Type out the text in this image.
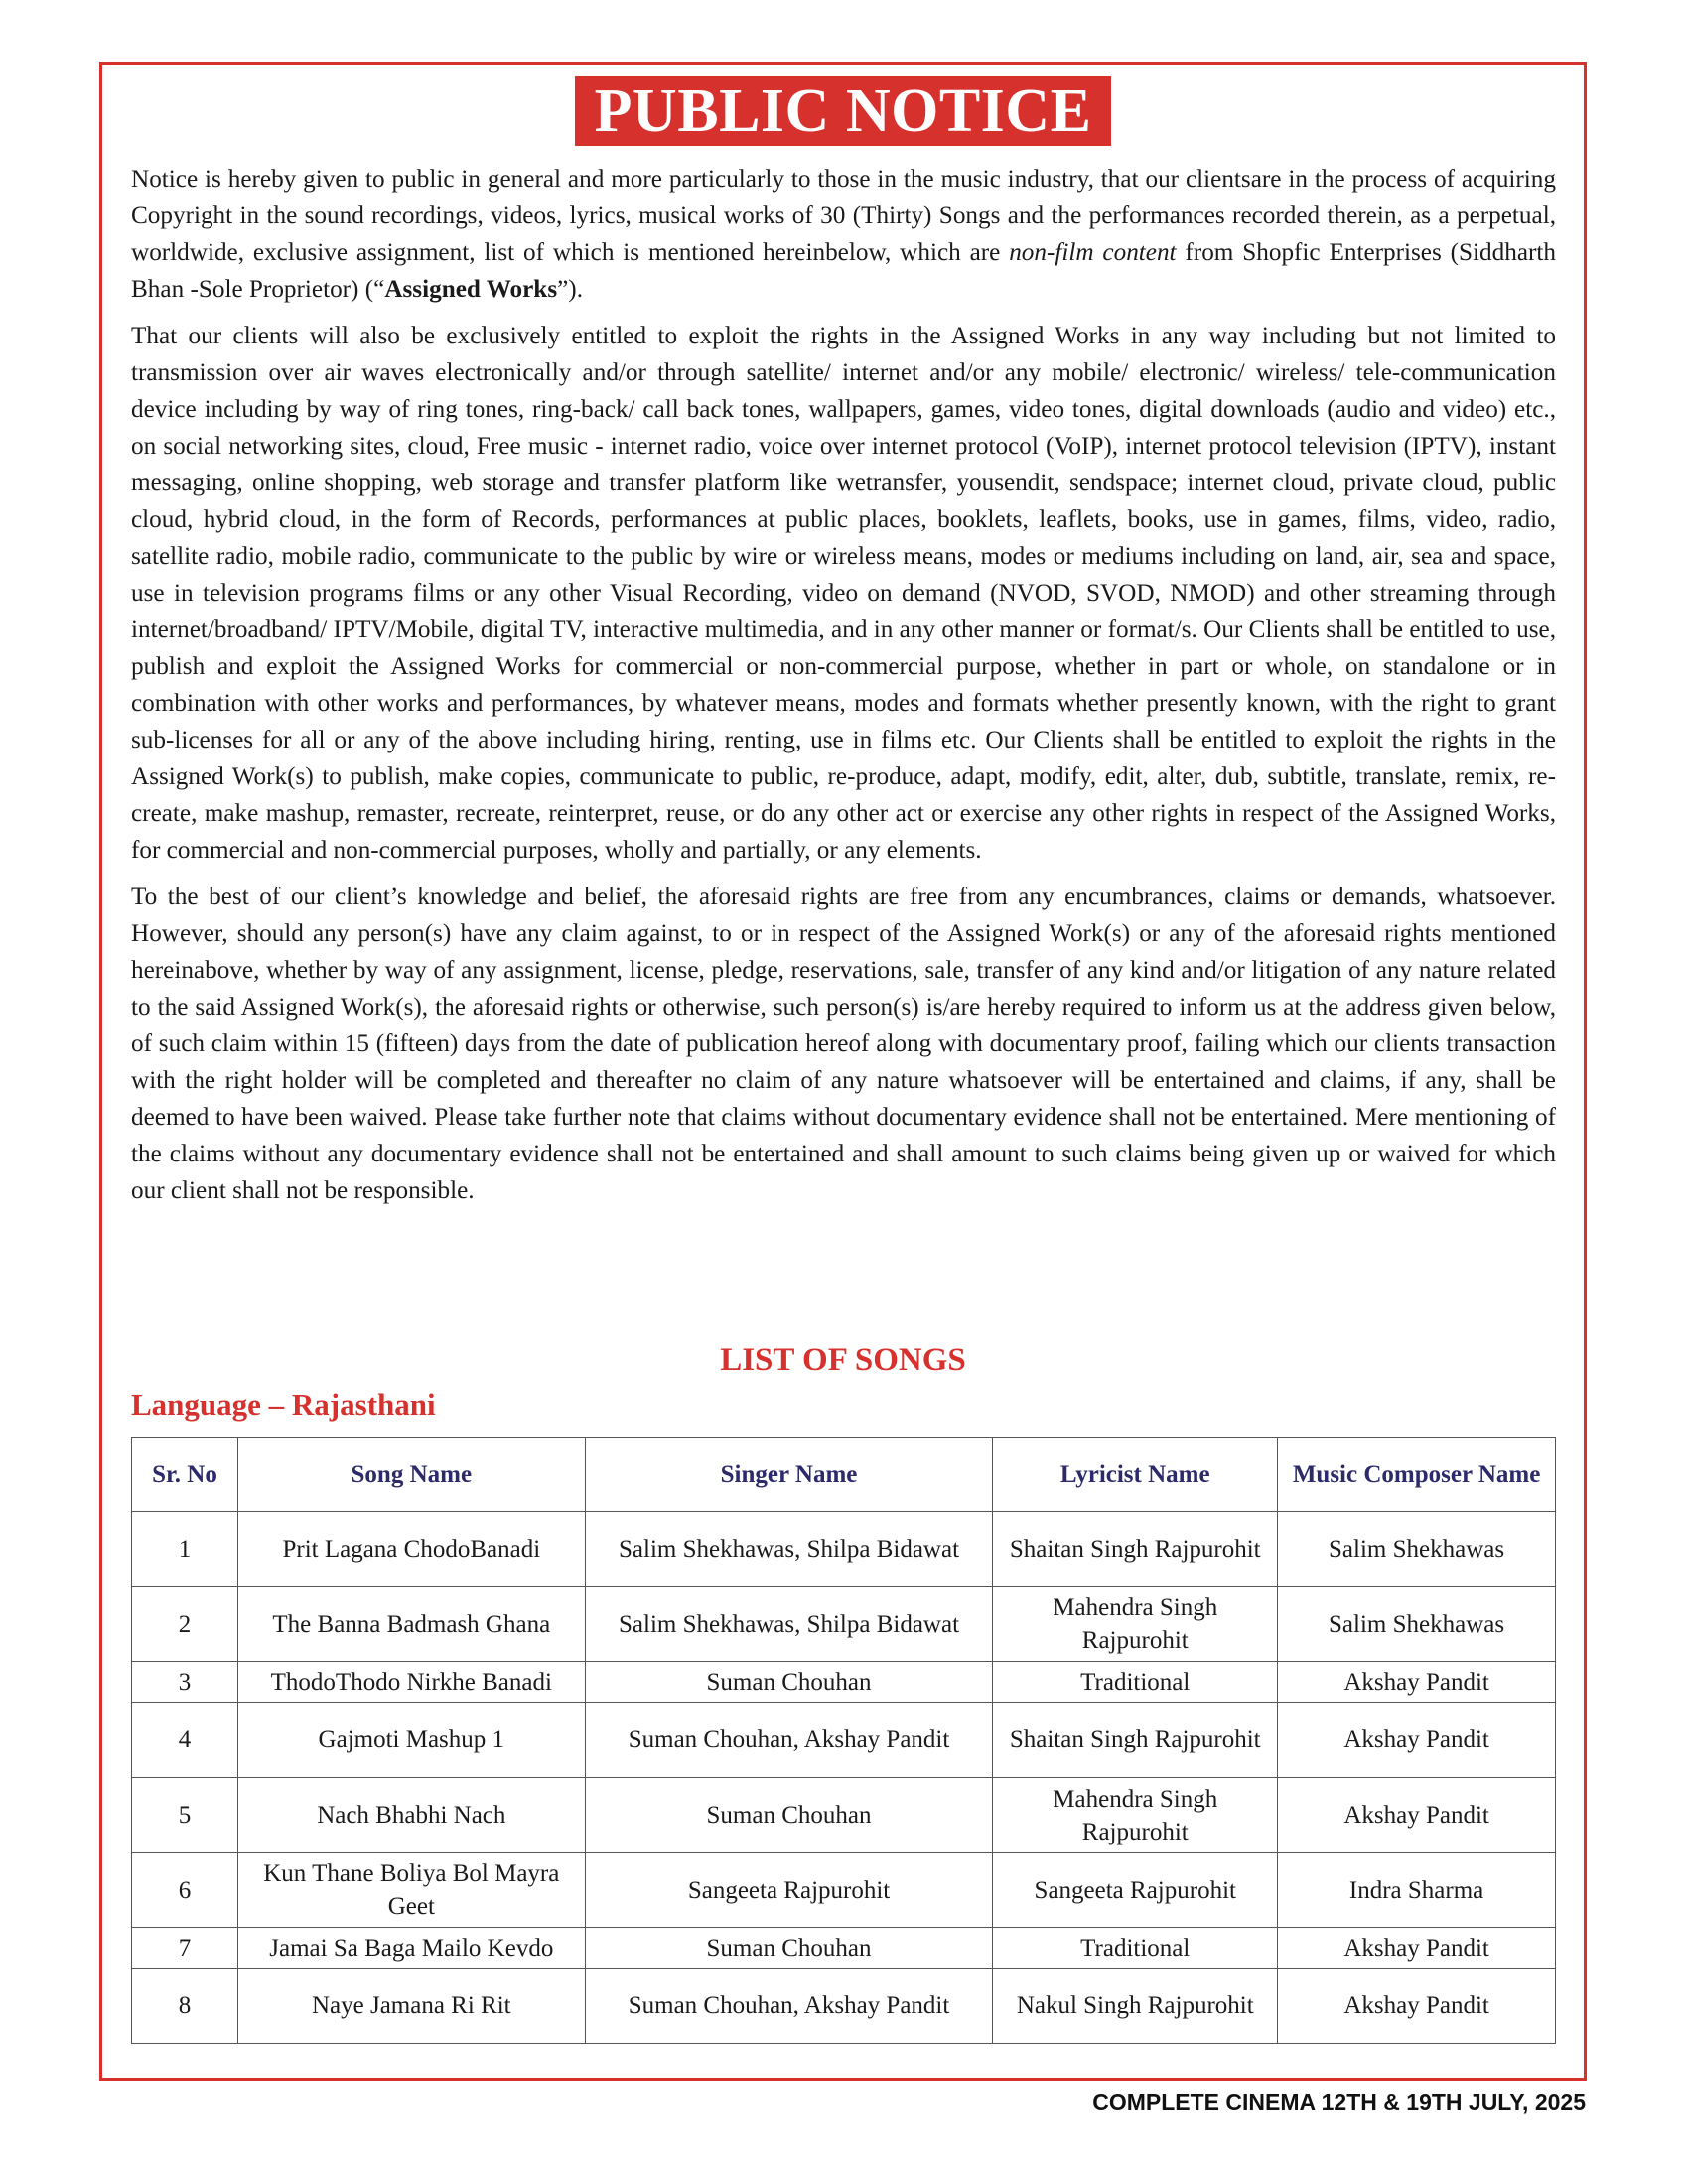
PUBLIC NOTICE

Notice is hereby given to public in general and more particularly to those in the music industry, that our clientsare in the process of acquiring Copyright in the sound recordings, videos, lyrics, musical works of 30 (Thirty) Songs and the performances recorded therein, as a perpetual, worldwide, exclusive assignment, list of which is mentioned hereinbelow, which are non-film content from Shopfic Enterprises (Siddharth Bhan -Sole Proprietor) (“Assigned Works”).

That our clients will also be exclusively entitled to exploit the rights in the Assigned Works in any way including but not limited to transmission over air waves electronically and/or through satellite/ internet and/or any mobile/ electronic/ wireless/ tele-communication device including by way of ring tones, ring-back/ call back tones, wallpapers, games, video tones, digital downloads (audio and video) etc., on social networking sites, cloud, Free music - internet radio, voice over internet protocol (VoIP), internet protocol television (IPTV), instant messaging, online shopping, web storage and transfer platform like wetransfer, yousendit, sendspace; internet cloud, private cloud, public cloud, hybrid cloud, in the form of Records, performances at public places, booklets, leaflets, books, use in games, films, video, radio, satellite radio, mobile radio, communicate to the public by wire or wireless means, modes or mediums including on land, air, sea and space, use in television programs films or any other Visual Recording, video on demand (NVOD, SVOD, NMOD) and other streaming through internet/broadband/ IPTV/Mobile, digital TV, interactive multimedia, and in any other manner or format/s. Our Clients shall be entitled to use, publish and exploit the Assigned Works for commercial or non-commercial purpose, whether in part or whole, on standalone or in combination with other works and performances, by whatever means, modes and formats whether presently known, with the right to grant sub-licenses for all or any of the above including hiring, renting, use in films etc. Our Clients shall be entitled to exploit the rights in the Assigned Work(s) to publish, make copies, communicate to public, re-produce, adapt, modify, edit, alter, dub, subtitle, translate, remix, re-create, make mashup, remaster, recreate, reinterpret, reuse, or do any other act or exercise any other rights in respect of the Assigned Works, for commercial and non-commercial purposes, wholly and partially, or any elements.

To the best of our client’s knowledge and belief, the aforesaid rights are free from any encumbrances, claims or demands, whatsoever. However, should any person(s) have any claim against, to or in respect of the Assigned Work(s) or any of the aforesaid rights mentioned hereinabove, whether by way of any assignment, license, pledge, reservations, sale, transfer of any kind and/or litigation of any nature related to the said Assigned Work(s), the aforesaid rights or otherwise, such person(s) is/are hereby required to inform us at the address given below, of such claim within 15 (fifteen) days from the date of publication hereof along with documentary proof, failing which our clients transaction with the right holder will be completed and thereafter no claim of any nature whatsoever will be entertained and claims, if any, shall be deemed to have been waived. Please take further note that claims without documentary evidence shall not be entertained. Mere mentioning of the claims without any documentary evidence shall not be entertained and shall amount to such claims being given up or waived for which our client shall not be responsible.

LIST OF SONGS
Language – Rajasthani
Sr. No	Song Name	Singer Name	Lyricist Name	Music Composer Name
1	Prit Lagana ChodoBanadi	Salim Shekhawas, Shilpa Bidawat	Shaitan Singh Rajpurohit	Salim Shekhawas
2	The Banna Badmash Ghana	Salim Shekhawas, Shilpa Bidawat	Mahendra Singh Rajpurohit	Salim Shekhawas
3	ThodoThodo Nirkhe Banadi	Suman Chouhan	Traditional	Akshay Pandit
4	Gajmoti Mashup 1	Suman Chouhan, Akshay Pandit	Shaitan Singh Rajpurohit	Akshay Pandit
5	Nach Bhabhi Nach	Suman Chouhan	Mahendra Singh Rajpurohit	Akshay Pandit
6	Kun Thane Boliya Bol Mayra Geet	Sangeeta Rajpurohit	Sangeeta Rajpurohit	Indra Sharma
7	Jamai Sa Baga Mailo Kevdo	Suman Chouhan	Traditional	Akshay Pandit
8	Naye Jamana Ri Rit	Suman Chouhan, Akshay Pandit	Nakul Singh Rajpurohit	Akshay Pandit
COMPLETE CINEMA 12TH & 19TH JULY, 2025
